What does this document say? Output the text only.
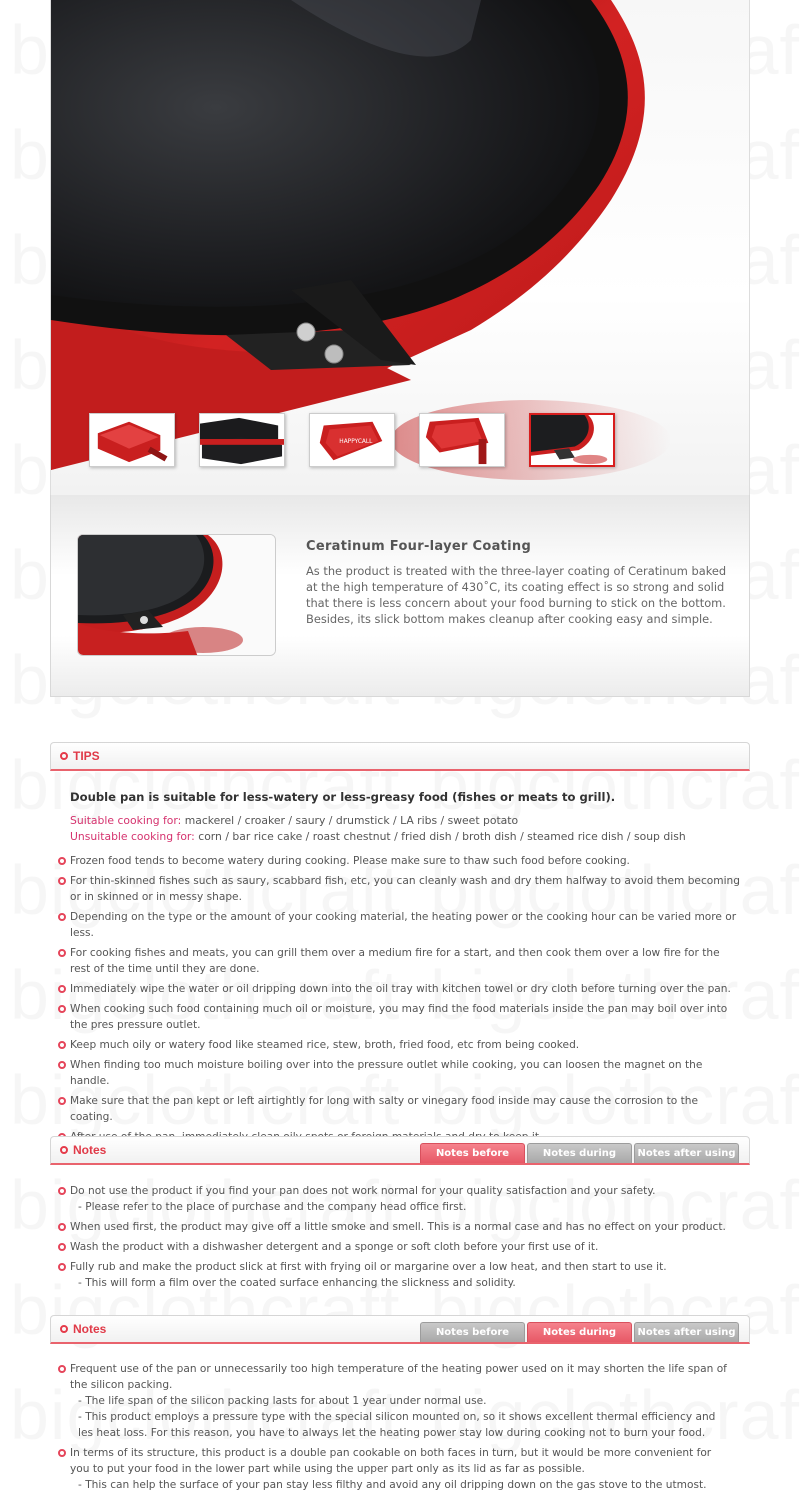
HAPPYCALL
Ceratinum Four-layer Coating
As the product is treated with the three-layer coating of Ceratinum baked at the high temperature of 430˚C, its coating effect is so strong and solid that there is less concern about your food burning to stick on the bottom. Besides, its slick bottom makes cleanup after cooking easy and simple.
TIPS
Double pan is suitable for less-watery or less-greasy food (fishes or meats to grill).
Suitable cooking for: mackerel / croaker / saury / drumstick / LA ribs / sweet potato
Unsuitable cooking for: corn / bar rice cake / roast chestnut / fried dish / broth dish / steamed rice dish / soup dish
Frozen food tends to become watery during cooking. Please make sure to thaw such food before cooking.
For thin-skinned fishes such as saury, scabbard fish, etc, you can cleanly wash and dry them halfway to avoid them becoming or in skinned or in messy shape.
Depending on the type or the amount of your cooking material, the heating power or the cooking hour can be varied more or less.
For cooking fishes and meats, you can grill them over a medium fire for a start, and then cook them over a low fire for the rest of the time until they are done.
Immediately wipe the water or oil dripping down into the oil tray with kitchen towel or dry cloth before turning over the pan.
When cooking such food containing much oil or moisture, you may find the food materials inside the pan may boil over into the pres pressure outlet.
Keep much oily or watery food like steamed rice, stew, broth, fried food, etc from being cooked.
When finding too much moisture boiling over into the pressure outlet while cooking, you can loosen the magnet on the handle.
Make sure that the pan kept or left airtightly for long with salty or vinegary food inside may cause the corrosion to the coating.
Notes	Notes before using
Notes during using
Notes after using
Do not use the product if you find your pan does not work normal for your quality satisfaction and your safety.
- Please refer to the place of purchase and the company head office first.
When used first, the product may give off a little smoke and smell. This is a normal case and has no effect on your product.
Wash the product with a dishwasher detergent and a sponge or soft cloth before your first use of it.
Fully rub and make the product slick at first with frying oil or margarine over a low heat, and then start to use it.
- This will form a film over the coated surface enhancing the slickness and solidity.
Notes	Notes before using
Notes during using
Notes after using
Frequent use of the pan or unnecessarily too high temperature of the heating power used on it may shorten the life span of the silicon packing.
- The life span of the silicon packing lasts for about 1 year under normal use.
- This product employs a pressure type with the special silicon mounted on, so it shows excellent thermal efficiency and les heat loss. For this reason, you have to always let the heating power stay low during cooking not to burn your food.
In terms of its structure, this product is a double pan cookable on both faces in turn, but it would be more convenient for you to put your food in the lower part while using the upper part only as its lid as far as possible.
- This can help the surface of your pan stay less filthy and avoid any oil dripping down on the gas stove to the utmost.
